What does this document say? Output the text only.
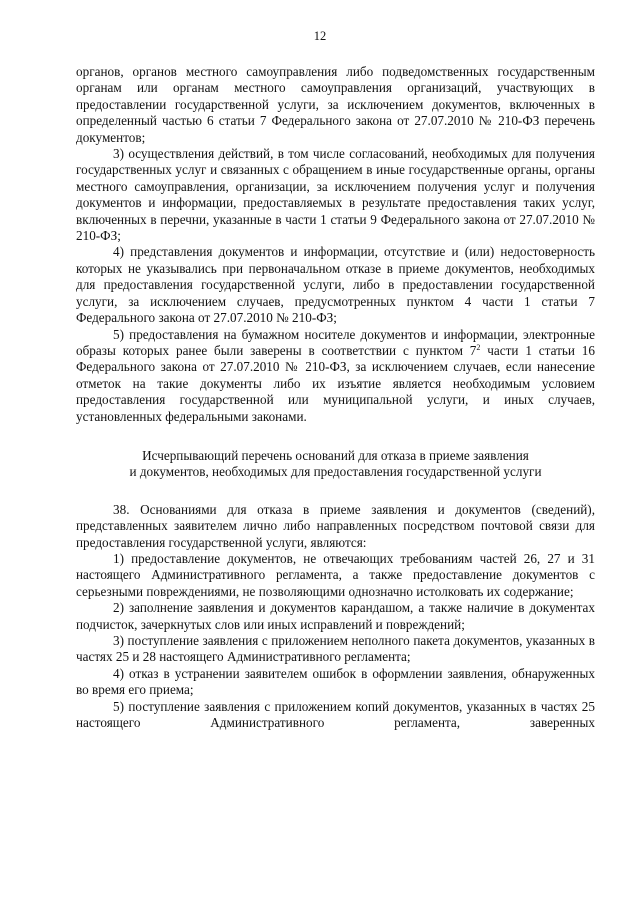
12

органов, органов местного самоуправления либо подведомственных государственным органам или органам местного самоуправления организаций, участвующих в предоставлении государственной услуги, за исключением документов, включенных в определенный частью 6 статьи 7 Федерального закона от 27.07.2010 № 210-ФЗ перечень документов;

3) осуществления действий, в том числе согласований, необходимых для получения государственных услуг и связанных с обращением в иные государственные органы, органы местного самоуправления, организации, за исключением получения услуг и получения документов и информации, предоставляемых в результате предоставления таких услуг, включенных в перечни, указанные в части 1 статьи 9 Федерального закона от 27.07.2010 № 210-ФЗ;

4) представления документов и информации, отсутствие и (или) недостоверность которых не указывались при первоначальном отказе в приеме документов, необходимых для предоставления государственной услуги, либо в предоставлении государственной услуги, за исключением случаев, предусмотренных пунктом 4 части 1 статьи 7 Федерального закона от 27.07.2010 № 210-ФЗ;

5) предоставления на бумажном носителе документов и информации, электронные образы которых ранее были заверены в соответствии с пунктом $7^2$ части 1 статьи 16 Федерального закона от 27.07.2010 № 210-ФЗ, за исключением случаев, если нанесение отметок на такие документы либо их изъятие является необходимым условием предоставления государственной или муниципальной услуги, и иных случаев, установленных федеральными законами.

Исчерпывающий перечень оснований для отказа в приеме заявления
и документов, необходимых для предоставления государственной услуги

38. Основаниями для отказа в приеме заявления и документов (сведений), представленных заявителем лично либо направленных посредством почтовой связи для предоставления государственной услуги, являются:

1) предоставление документов, не отвечающих требованиям частей 26, 27 и 31 настоящего Административного регламента, а также предоставление документов с серьезными повреждениями, не позволяющими однозначно истолковать их содержание;

2) заполнение заявления и документов карандашом, а также наличие в документах подчисток, зачеркнутых слов или иных исправлений и повреждений;

3) поступление заявления с приложением неполного пакета документов, указанных в частях 25 и 28 настоящего Административного регламента;

4) отказ в устранении заявителем ошибок в оформлении заявления, обнаруженных во время его приема;

5) поступление заявления с приложением копий документов, указанных в частях 25 настоящего Административного регламента, заверенных
